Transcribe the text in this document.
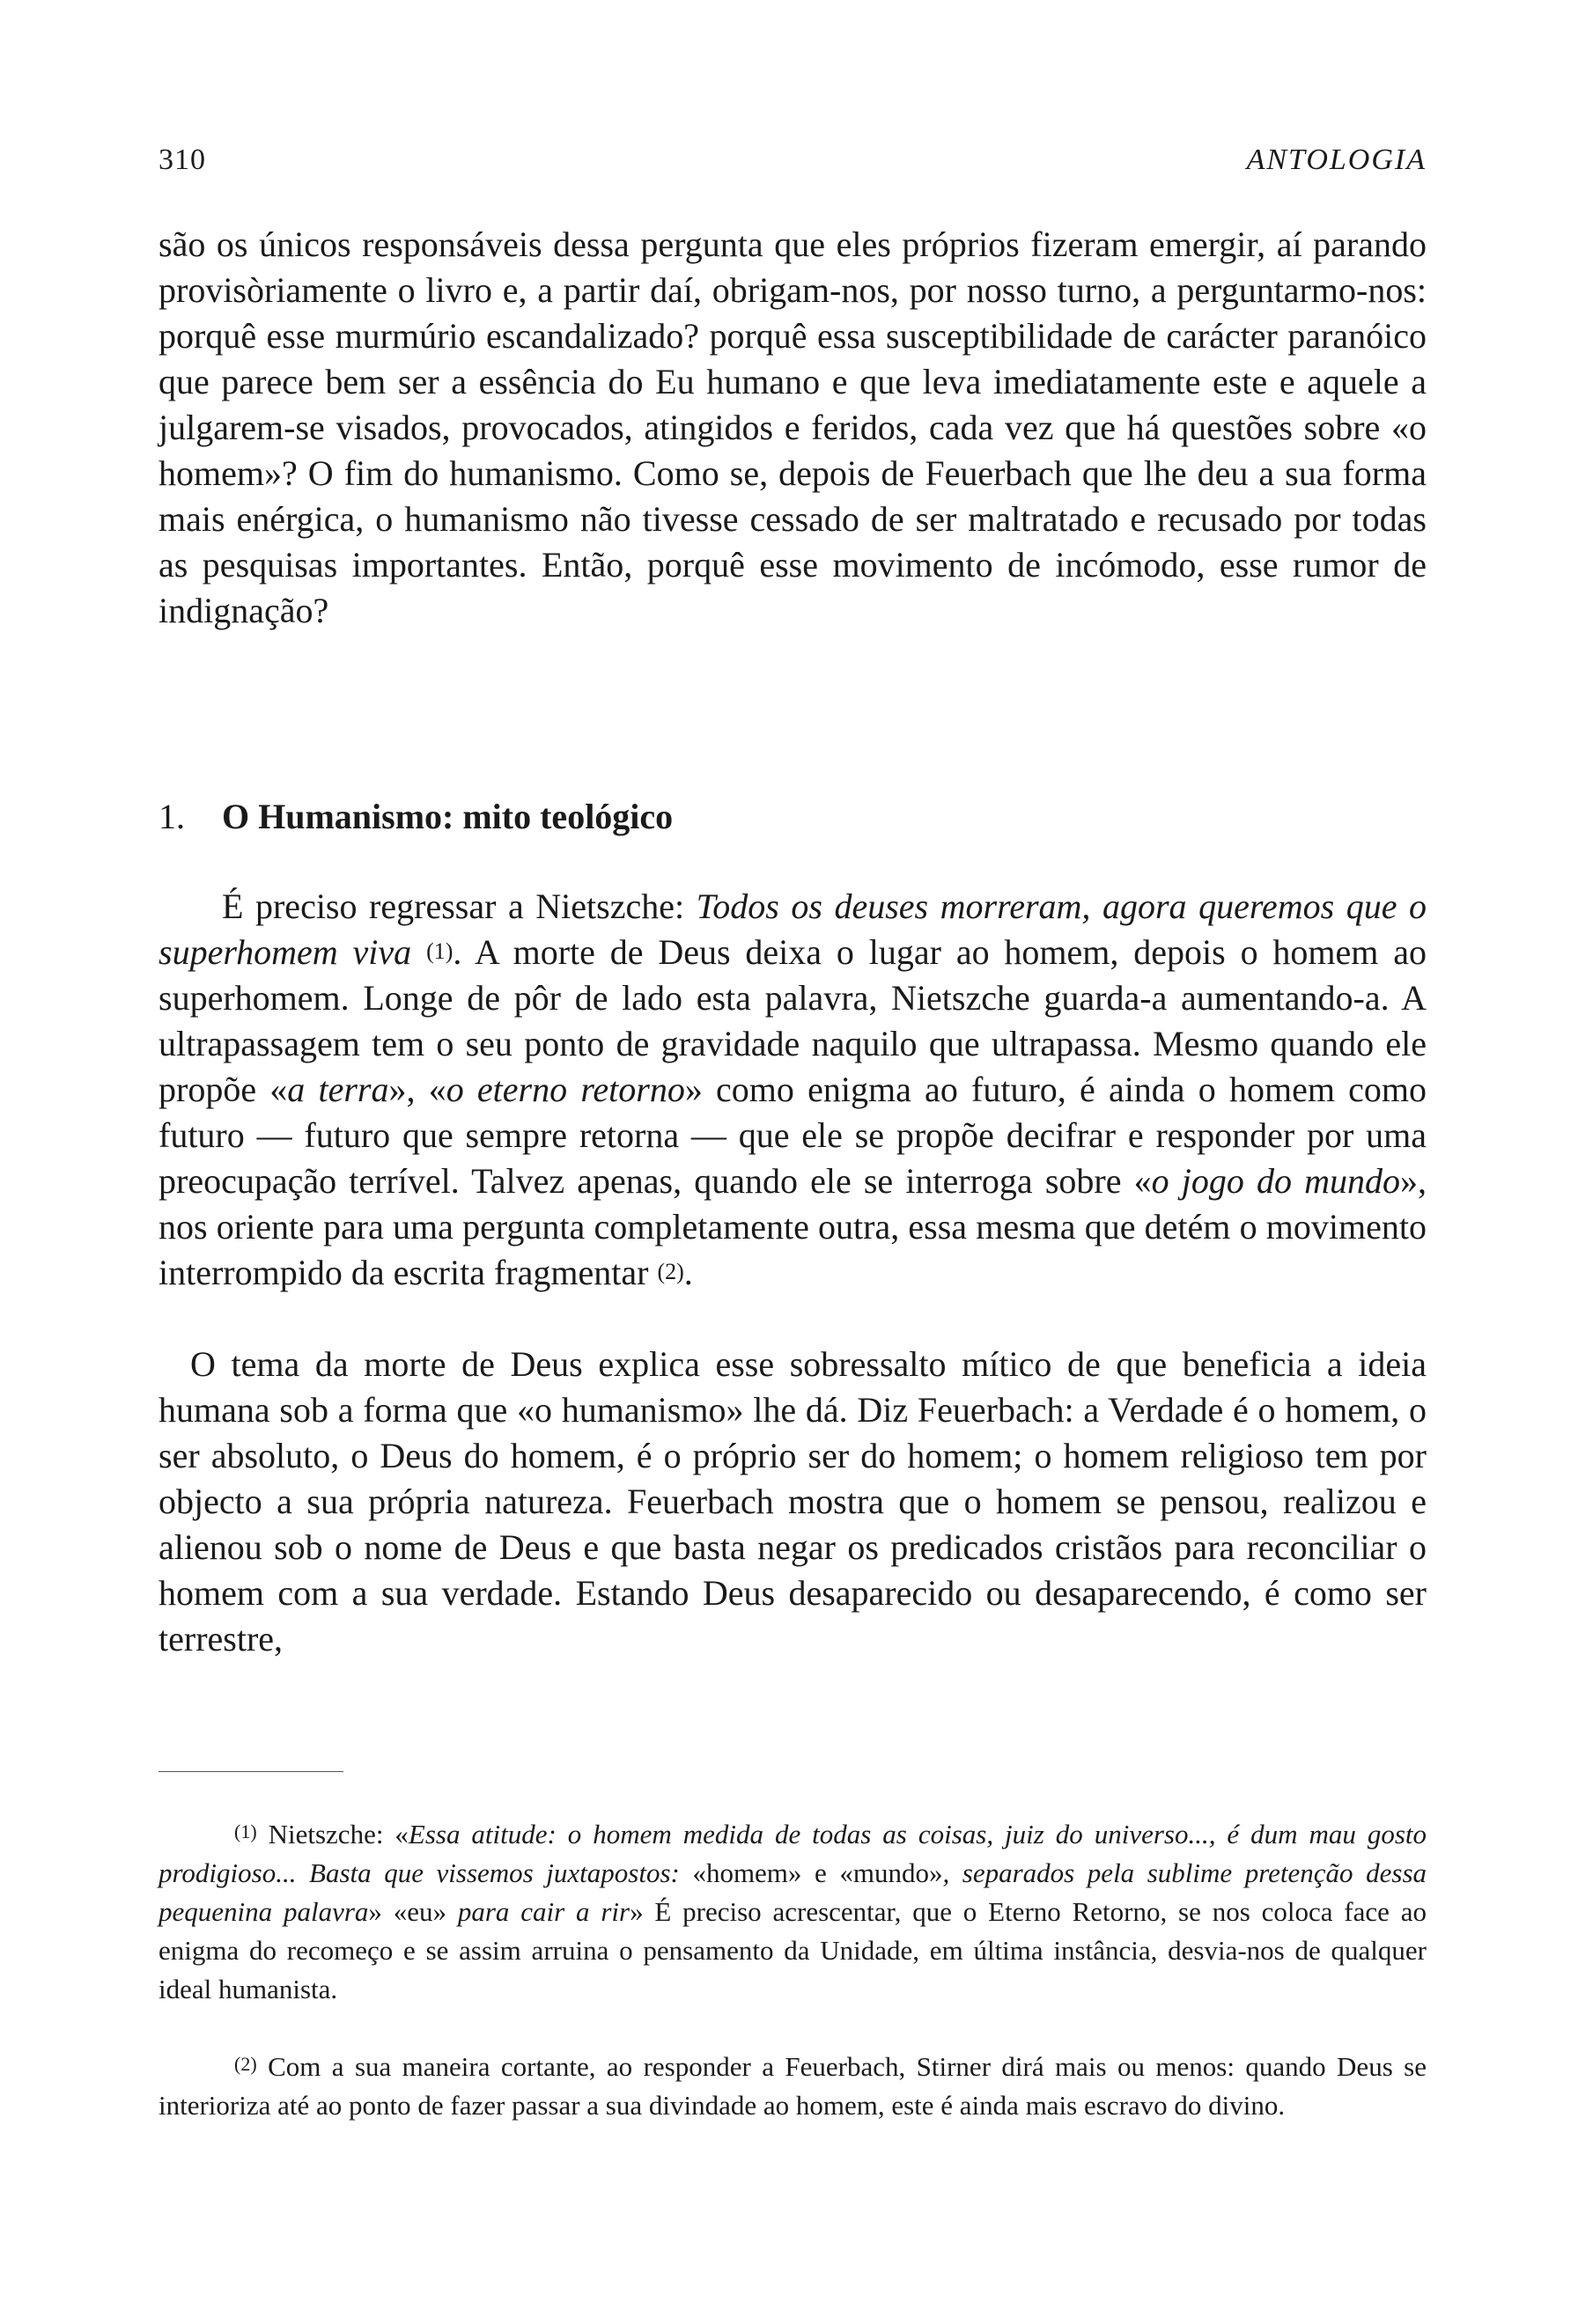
310	ANTOLOGIA

são os únicos responsáveis dessa pergunta que eles próprios fizeram emergir, aí parando provisòriamente o livro e, a partir daí, obrigam-nos, por nosso turno, a perguntarmo-nos: porquê esse murmúrio escandalizado? porquê essa susceptibilidade de carácter paranóico que parece bem ser a essência do Eu humano e que leva imediatamente este e aquele a julgarem-se visados, provocados, atingidos e feridos, cada vez que há questões sobre «o homem»? O fim do humanismo. Como se, depois de Feuerbach que lhe deu a sua forma mais enérgica, o humanismo não tivesse cessado de ser maltratado e recusado por todas as pesquisas importantes. Então, porquê esse movimento de incómodo, esse rumor de indignação?

1. O Humanismo: mito teológico

É preciso regressar a Nietszche: Todos os deuses morreram, agora queremos que o superhomem viva (1). A morte de Deus deixa o lugar ao homem, depois o homem ao superhomem. Longe de pôr de lado esta palavra, Nietszche guarda-a aumentando-a. A ultrapassagem tem o seu ponto de gravidade naquilo que ultrapassa. Mesmo quando ele propõe «a terra», «o eterno retorno» como enigma ao futuro, é ainda o homem como futuro — futuro que sempre retorna — que ele se propõe decifrar e responder por uma preocupação terrível. Talvez apenas, quando ele se interroga sobre «o jogo do mundo», nos oriente para uma pergunta completamente outra, essa mesma que detém o movimento interrompido da escrita fragmentar (2).

O tema da morte de Deus explica esse sobressalto mítico de que beneficia a ideia humana sob a forma que «o humanismo» lhe dá. Diz Feuerbach: a Verdade é o homem, o ser absoluto, o Deus do homem, é o próprio ser do homem; o homem religioso tem por objecto a sua própria natureza. Feuerbach mostra que o homem se pensou, realizou e alienou sob o nome de Deus e que basta negar os predicados cristãos para reconciliar o homem com a sua verdade. Estando Deus desaparecido ou desaparecendo, é como ser terrestre,

(1) Nietszche: «Essa atitude: o homem medida de todas as coisas, juiz do universo..., é dum mau gosto prodigioso... Basta que vissemos juxtapostos: «homem» e «mundo», separados pela sublime pretenção dessa pequenina palavra» «eu» para cair a rir» É preciso acrescentar, que o Eterno Retorno, se nos coloca face ao enigma do recomeço e se assim arruina o pensamento da Unidade, em última instância, desvia-nos de qualquer ideal humanista.

(2) Com a sua maneira cortante, ao responder a Feuerbach, Stirner dirá mais ou menos: quando Deus se interioriza até ao ponto de fazer passar a sua divindade ao homem, este é ainda mais escravo do divino.
